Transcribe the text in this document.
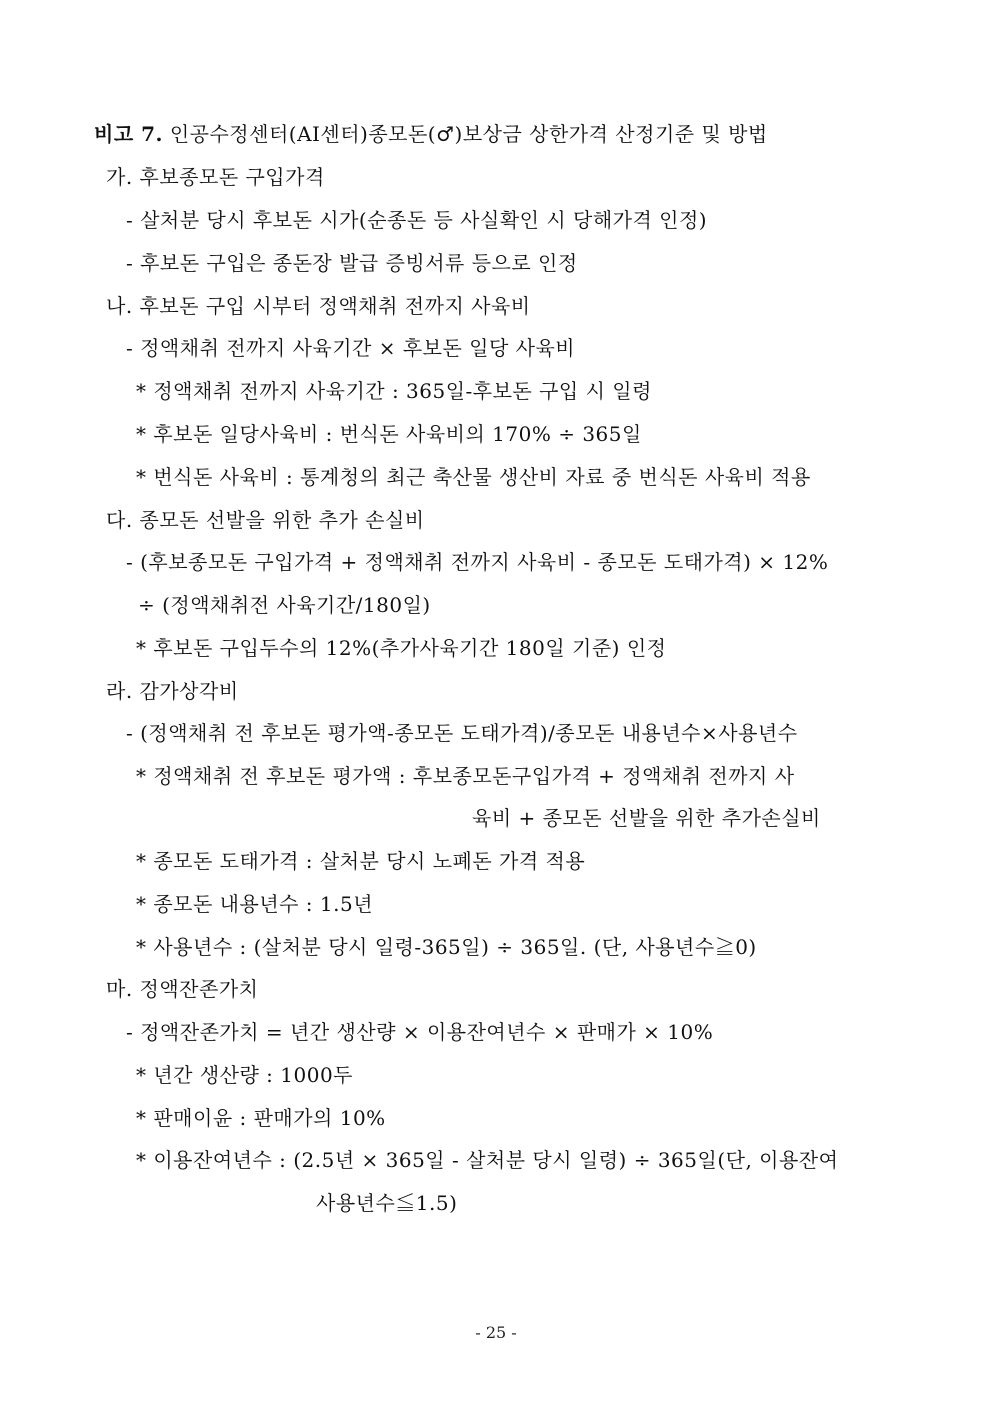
비고 7. 인공수정센터(AI센터)종모돈(♂)보상금 상한가격 산정기준 및 방법
가. 후보종모돈 구입가격
- 살처분 당시 후보돈 시가(순종돈 등 사실확인 시 당해가격 인정)
- 후보돈 구입은 종돈장 발급 증빙서류 등으로 인정
나. 후보돈 구입 시부터 정액채취 전까지 사육비
- 정액채취 전까지 사육기간 × 후보돈 일당 사육비
* 정액채취 전까지 사육기간 : 365일-후보돈 구입 시 일령
* 후보돈 일당사육비 : 번식돈 사육비의 170% ÷ 365일
* 번식돈 사육비 : 통계청의 최근 축산물 생산비 자료 중 번식돈 사육비 적용
다. 종모돈 선발을 위한 추가 손실비
- (후보종모돈 구입가격 + 정액채취 전까지 사육비 - 종모돈 도태가격) × 12%
÷ (정액채취전 사육기간/180일)
* 후보돈 구입두수의 12%(추가사육기간 180일 기준) 인정
라. 감가상각비
- (정액채취 전 후보돈 평가액-종모돈 도태가격)/종모돈 내용년수×사용년수
* 정액채취 전 후보돈 평가액 : 후보종모돈구입가격 + 정액채취 전까지 사
육비 + 종모돈 선발을 위한 추가손실비
* 종모돈 도태가격 : 살처분 당시 노폐돈 가격 적용
* 종모돈 내용년수 : 1.5년
* 사용년수 : (살처분 당시 일령-365일) ÷ 365일. (단, 사용년수≧0)
마. 정액잔존가치
- 정액잔존가치 = 년간 생산량 × 이용잔여년수 × 판매가 × 10%
* 년간 생산량 : 1000두
* 판매이윤 : 판매가의 10%
* 이용잔여년수 : (2.5년 × 365일 - 살처분 당시 일령) ÷ 365일(단, 이용잔여
사용년수≦1.5)
- 25 -
